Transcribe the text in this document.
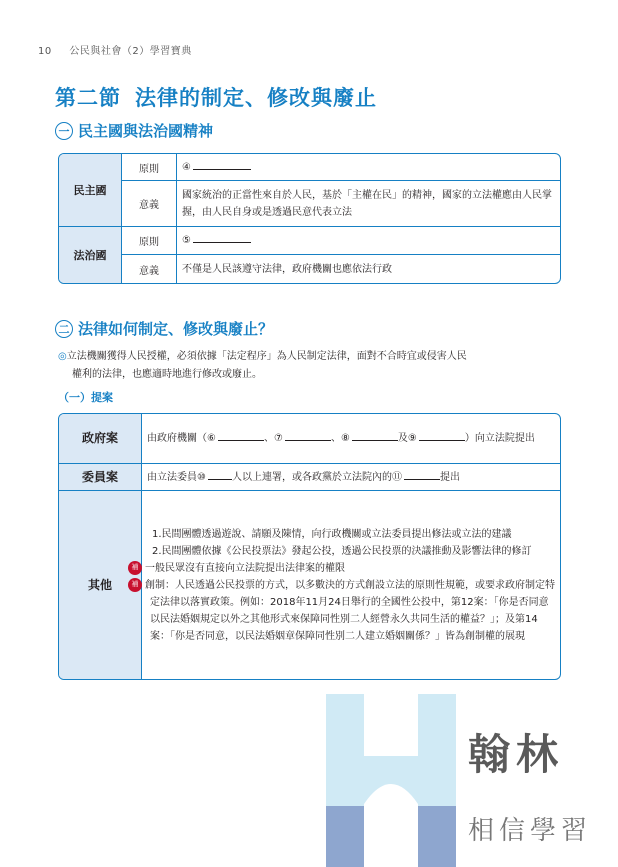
10 公民與社會（2）學習寶典
第二節 法律的制定、修改與廢止
一 民主國與法治國精神
民主國	原則	④
	意義	國家統治的正當性來自於人民，基於「主權在民」的精神，國家的立法權應由人民掌握，由人民自身或是透過民意代表立法
法治國	原則	⑤
	意義	不僅是人民該遵守法律，政府機關也應依法行政
二 法律如何制定、修改與廢止？
◎立法機關獲得人民授權，必須依據「法定程序」為人民制定法律，面對不合時宜或侵害人民
權利的法律，也應適時地進行修改或廢止。
（一）提案
政府案	由政府機關（⑥ 、⑦ 、⑧ 及⑨ ）向立法院提出
委員案	由立法委員⑩ 人以上連署，或各政黨於立法院內的⑪ 提出
其他	1.民間團體透過遊說、請願及陳情，向行政機關或立法委員提出修法或立法的建議
2.民間團體依據《公民投票法》發起公投，透過公民投票的決議推動及影響法律的修訂
補 一般民眾沒有直接向立法院提出法律案的權限
補 創制：人民透過公民投票的方式，以多數決的方式創設立法的原則性規範，或要求政府制定特定法律以落實政策。例如：2018年11月24日舉行的全國性公投中，第12案：「你是否同意以民法婚姻規定以外之其他形式來保障同性別二人經營永久共同生活的權益？」；及第14案：「你是否同意，以民法婚姻章保障同性別二人建立婚姻關係？」皆為創制權的展現
翰林
相信學習
